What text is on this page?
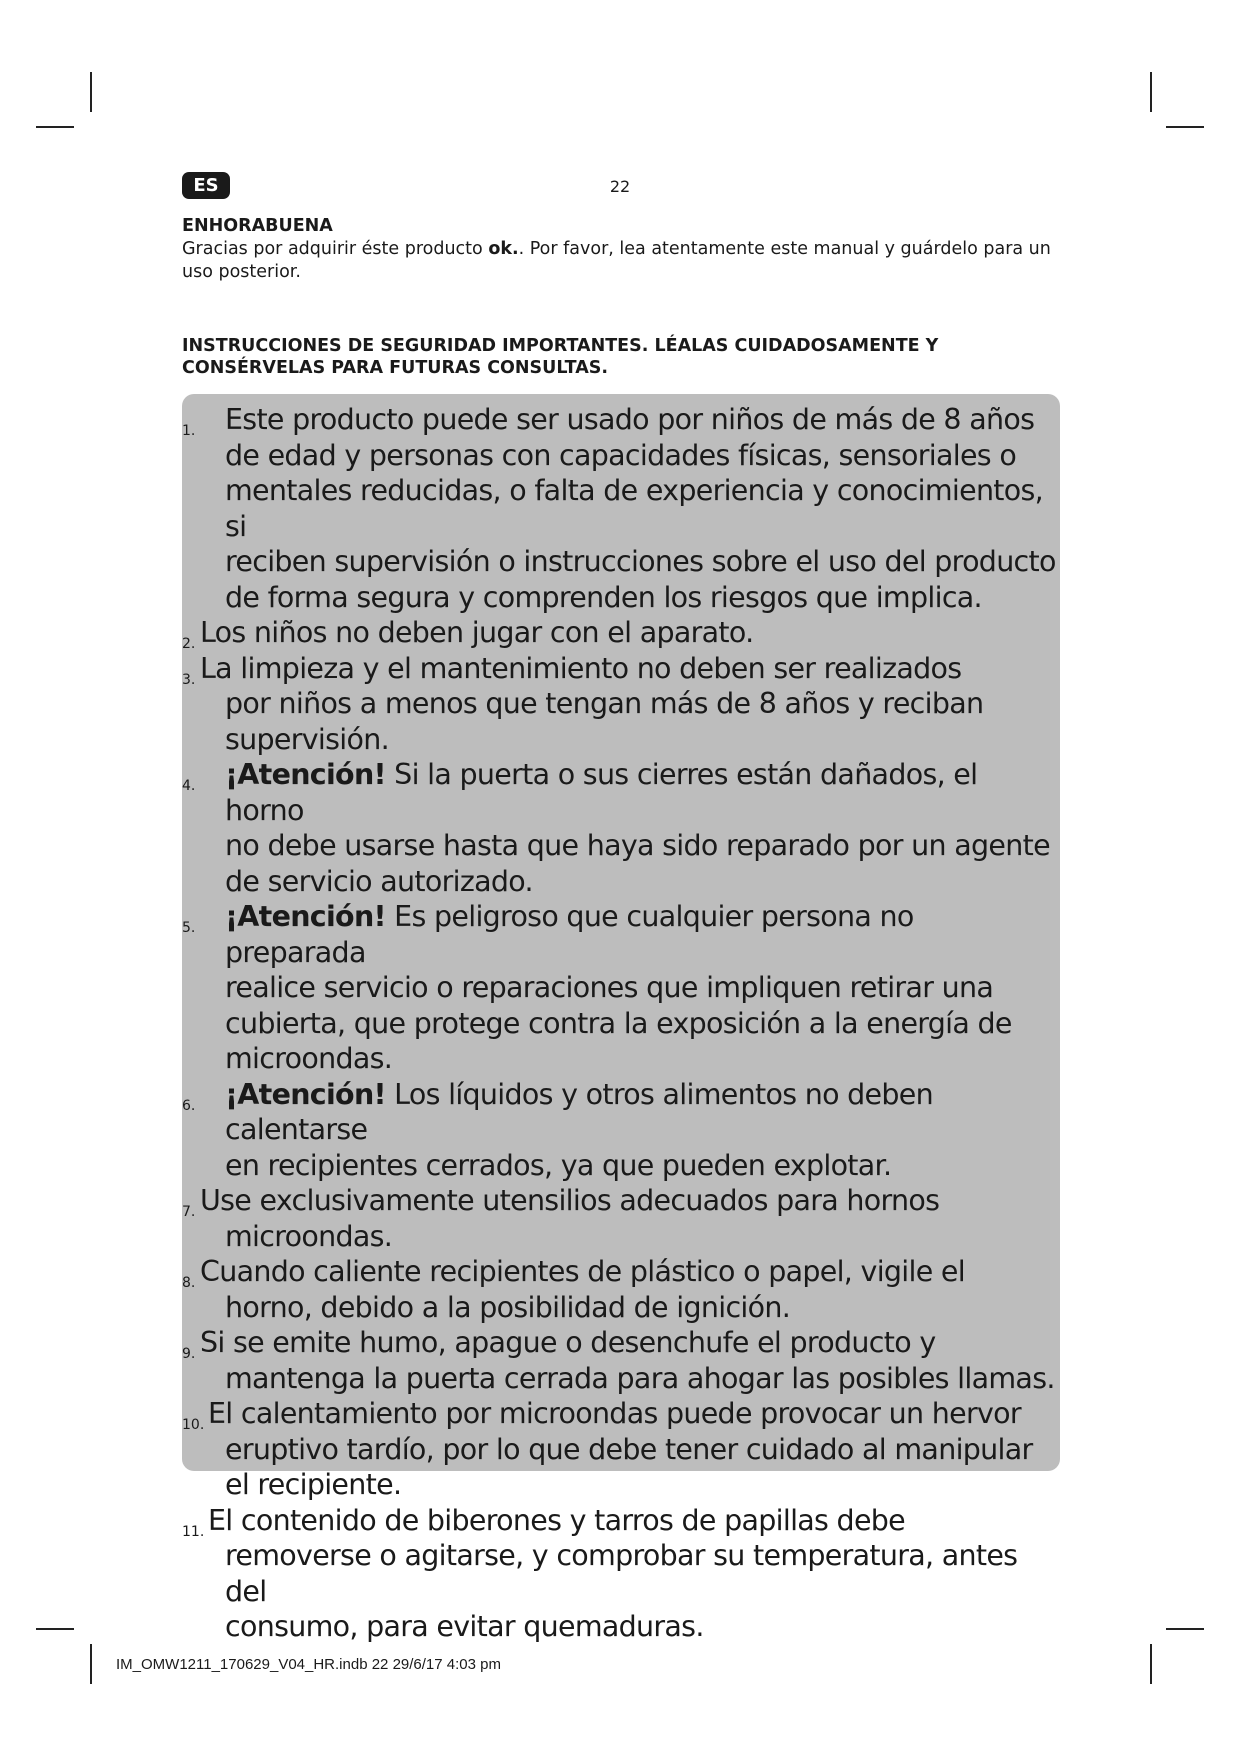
ES	22
ENHORABUENA
Gracias por adquirir éste producto ok.. Por favor, lea atentamente este manual y guárdelo para un uso posterior.
INSTRUCCIONES DE SEGURIDAD IMPORTANTES. LÉALAS CUIDADOSAMENTE Y CONSÉRVELAS PARA FUTURAS CONSULTAS.
1. Este producto puede ser usado por niños de más de 8 años
de edad y personas con capacidades físicas, sensoriales o
mentales reducidas, o falta de experiencia y conocimientos, si
reciben supervisión o instrucciones sobre el uso del producto
de forma segura y comprenden los riesgos que implica.
2. Los niños no deben jugar con el aparato.
3. La limpieza y el mantenimiento no deben ser realizados
por niños a menos que tengan más de 8 años y reciban
supervisión.
4. ¡Atención! Si la puerta o sus cierres están dañados, el horno
no debe usarse hasta que haya sido reparado por un agente
de servicio autorizado.
5. ¡Atención! Es peligroso que cualquier persona no preparada
realice servicio o reparaciones que impliquen retirar una
cubierta, que protege contra la exposición a la energía de
microondas.
6. ¡Atención! Los líquidos y otros alimentos no deben calentarse
en recipientes cerrados, ya que pueden explotar.
7. Use exclusivamente utensilios adecuados para hornos
microondas.
8. Cuando caliente recipientes de plástico o papel, vigile el
horno, debido a la posibilidad de ignición.
9. Si se emite humo, apague o desenchufe el producto y
mantenga la puerta cerrada para ahogar las posibles llamas.
10. El calentamiento por microondas puede provocar un hervor
eruptivo tardío, por lo que debe tener cuidado al manipular
el recipiente.
11. El contenido de biberones y tarros de papillas debe
removerse o agitarse, y comprobar su temperatura, antes del
consumo, para evitar quemaduras.
IM_OMW1211_170629_V04_HR.indb 22 29/6/17 4:03 pm
